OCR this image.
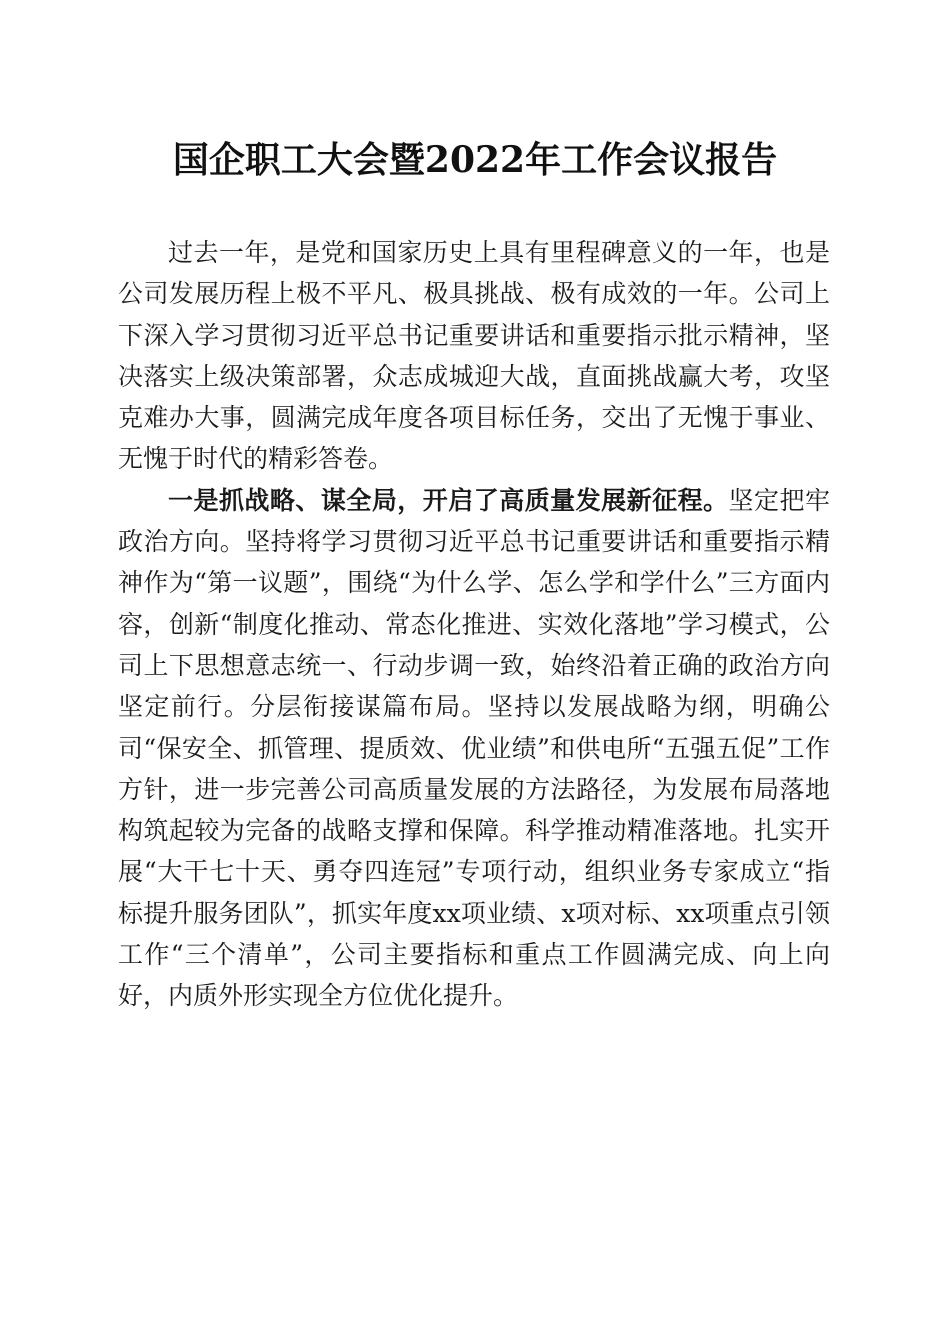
国企职工大会暨2022年工作会议报告

过去一年，是党和国家历史上具有里程碑意义的一年，也是公司发展历程上极不平凡、极具挑战、极有成效的一年。公司上下深入学习贯彻习近平总书记重要讲话和重要指示批示精神，坚决落实上级决策部署，众志成城迎大战，直面挑战赢大考，攻坚克难办大事，圆满完成年度各项目标任务，交出了无愧于事业、无愧于时代的精彩答卷。

一是抓战略、谋全局，开启了高质量发展新征程。坚定把牢政治方向。坚持将学习贯彻习近平总书记重要讲话和重要指示精神作为“第一议题”，围绕“为什么学、怎么学和学什么”三方面内容，创新“制度化推动、常态化推进、实效化落地”学习模式，公司上下思想意志统一、行动步调一致，始终沿着正确的政治方向坚定前行。分层衔接谋篇布局。坚持以发展战略为纲，明确公司“保安全、抓管理、提质效、优业绩”和供电所“五强五促”工作方针，进一步完善公司高质量发展的方法路径，为发展布局落地构筑起较为完备的战略支撑和保障。科学推动精准落地。扎实开展“大干七十天、勇夺四连冠”专项行动，组织业务专家成立“指标提升服务团队”，抓实年度xx项业绩、x项对标、xx项重点引领工作“三个清单”，公司主要指标和重点工作圆满完成、向上向好，内质外形实现全方位优化提升。
